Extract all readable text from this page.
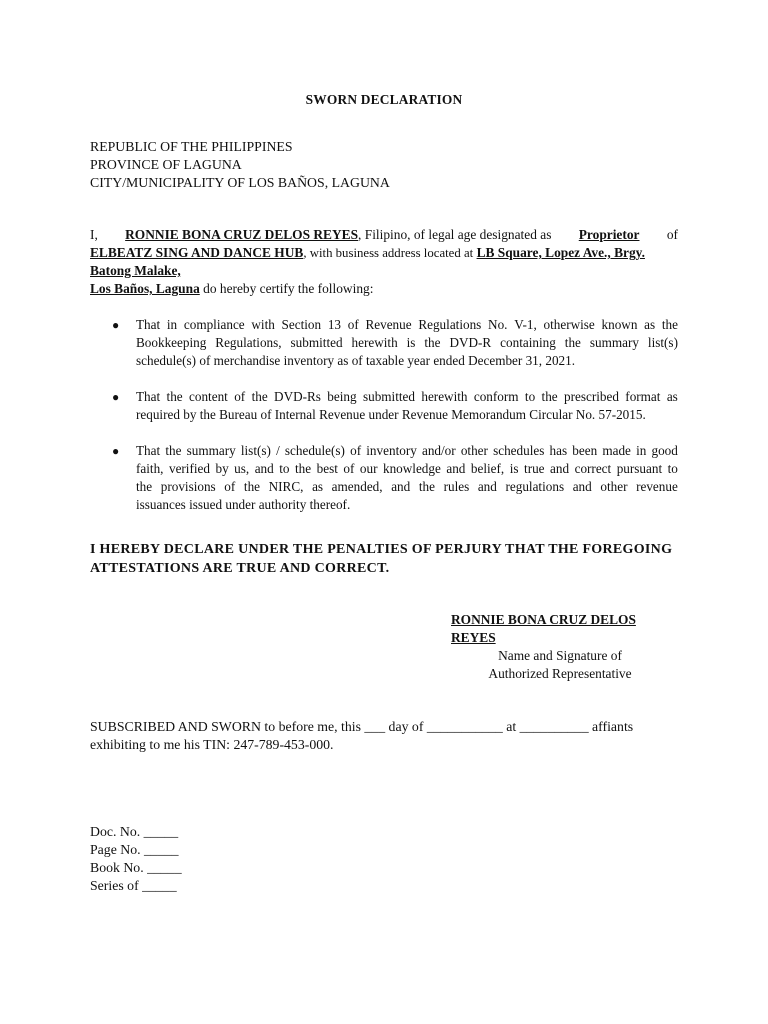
SWORN DECLARATION
REPUBLIC OF THE PHILIPPINES
PROVINCE OF LAGUNA
CITY/MUNICIPALITY OF LOS BAÑOS, LAGUNA
I, RONNIE BONA CRUZ DELOS REYES, Filipino, of legal age designated as Proprietor of
ELBEATZ SING AND DANCE HUB, with business address located at LB Square, Lopez Ave., Brgy.
Batong Malake,
Los Baños, Laguna do hereby certify the following:
● That in compliance with Section 13 of Revenue Regulations No. V-1, otherwise known as the
Bookkeeping Regulations, submitted herewith is the DVD-R containing the summary list(s)
schedule(s) of merchandise inventory as of taxable year ended December 31, 2021.
● That the content of the DVD-Rs being submitted herewith conform to the prescribed format as
required by the Bureau of Internal Revenue under Revenue Memorandum Circular No. 57-2015.
● That the summary list(s) / schedule(s) of inventory and/or other schedules has been made in good
faith, verified by us, and to the best of our knowledge and belief, is true and correct pursuant to
the provisions of the NIRC, as amended, and the rules and regulations and other revenue
issuances issued under authority thereof.
I HEREBY DECLARE UNDER THE PENALTIES OF PERJURY THAT THE FOREGOING
ATTESTATIONS ARE TRUE AND CORRECT.
RONNIE BONA CRUZ DELOS
REYES
Name and Signature of
Authorized Representative
SUBSCRIBED AND SWORN to before me, this ___ day of ___________ at __________ affiants
exhibiting to me his TIN: 247-789-453-000.
Doc. No. _____
Page No. _____
Book No. _____
Series of _____
